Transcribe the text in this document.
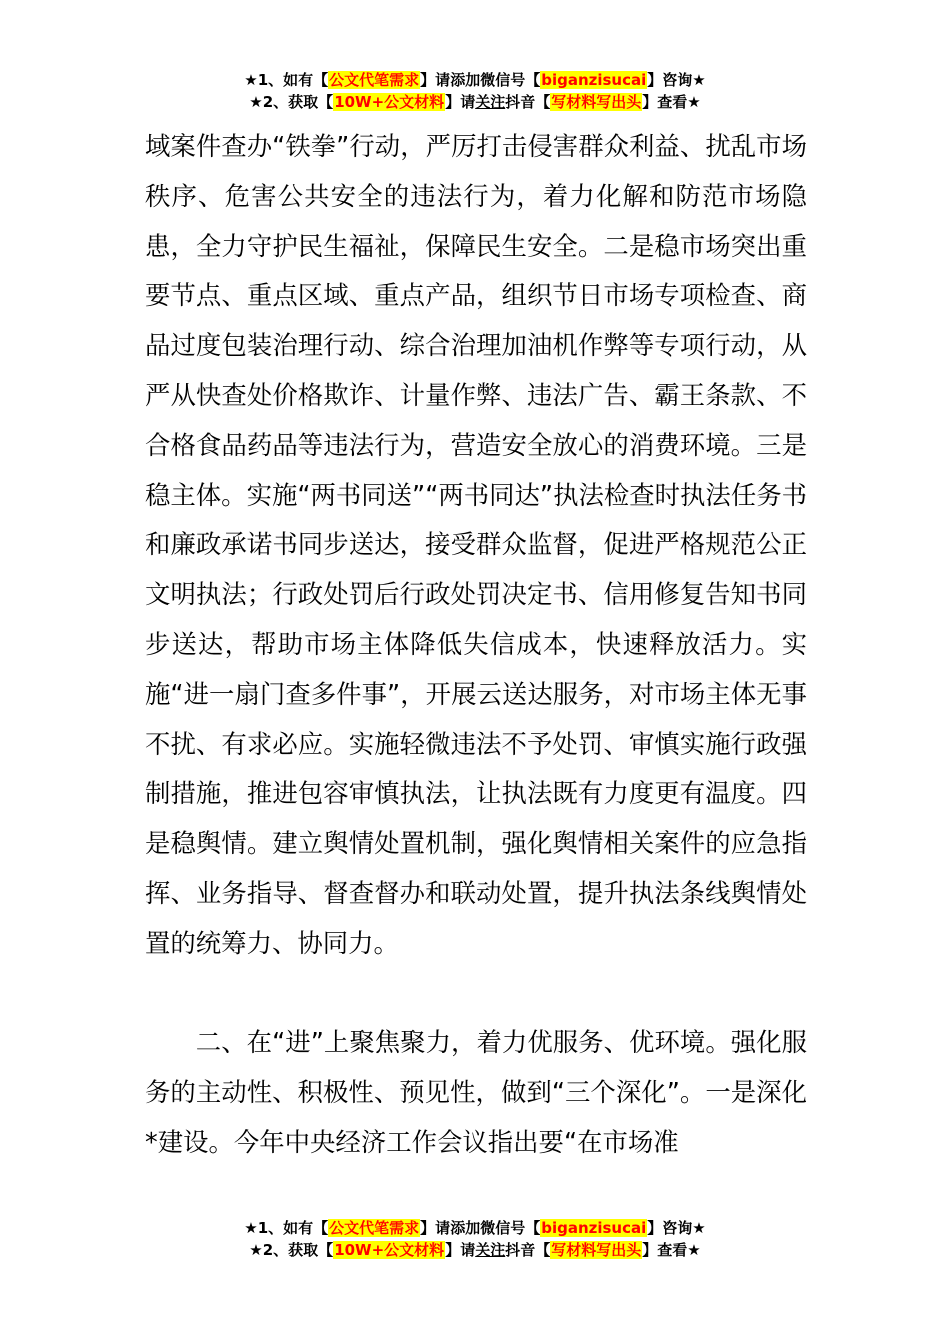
★1、如有【公文代笔需求】请添加微信号【biganzisucai】咨询★
★2、获取【10W+公文材料】请关注抖音【写材料写出头】查看★

域案件查办“铁拳”行动，严厉打击侵害群众利益、扰乱市场秩序、危害公共安全的违法行为，着力化解和防范市场隐患，全力守护民生福祉，保障民生安全。二是稳市场突出重要节点、重点区域、重点产品，组织节日市场专项检查、商品过度包装治理行动、综合治理加油机作弊等专项行动，从严从快查处价格欺诈、计量作弊、违法广告、霸王条款、不合格食品药品等违法行为，营造安全放心的消费环境。三是稳主体。实施“两书同送”“两书同达”执法检查时执法任务书和廉政承诺书同步送达，接受群众监督，促进严格规范公正文明执法；行政处罚后行政处罚决定书、信用修复告知书同步送达，帮助市场主体降低失信成本，快速释放活力。实施“进一扇门查多件事”，开展云送达服务，对市场主体无事不扰、有求必应。实施轻微违法不予处罚、审慎实施行政强制措施，推进包容审慎执法，让执法既有力度更有温度。四是稳舆情。建立舆情处置机制，强化舆情相关案件的应急指挥、业务指导、督查督办和联动处置，提升执法条线舆情处置的统筹力、协同力。

二、在“进”上聚焦聚力，着力优服务、优环境。强化服务的主动性、积极性、预见性，做到“三个深化”。一是深化*建设。今年中央经济工作会议指出要“在市场准

★1、如有【公文代笔需求】请添加微信号【biganzisucai】咨询★
★2、获取【10W+公文材料】请关注抖音【写材料写出头】查看★
